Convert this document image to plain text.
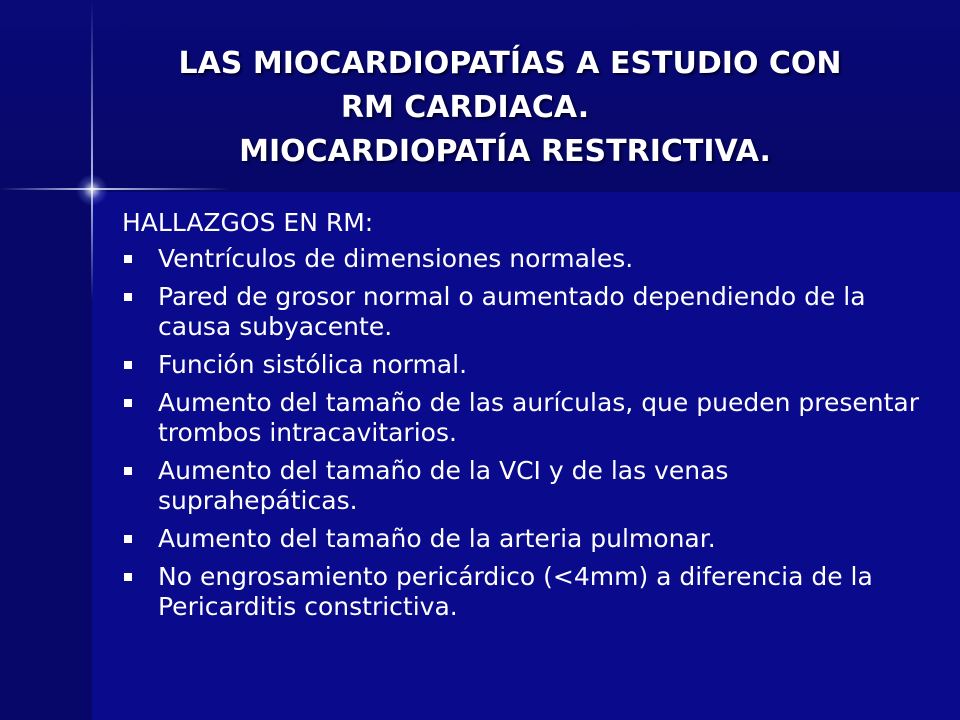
LAS MIOCARDIOPATÍAS A ESTUDIO CON
RM CARDIACA.
MIOCARDIOPATÍA RESTRICTIVA.
HALLAZGOS EN RM:
Ventrículos de dimensiones normales.
Pared de grosor normal o aumentado dependiendo de la causa subyacente.
Función sistólica normal.
Aumento del tamaño de las aurículas, que pueden presentar trombos intracavitarios.
Aumento del tamaño de la VCI y de las venas suprahepáticas.
Aumento del tamaño de la arteria pulmonar.
No engrosamiento pericárdico (<4mm) a diferencia de la Pericarditis constrictiva.
